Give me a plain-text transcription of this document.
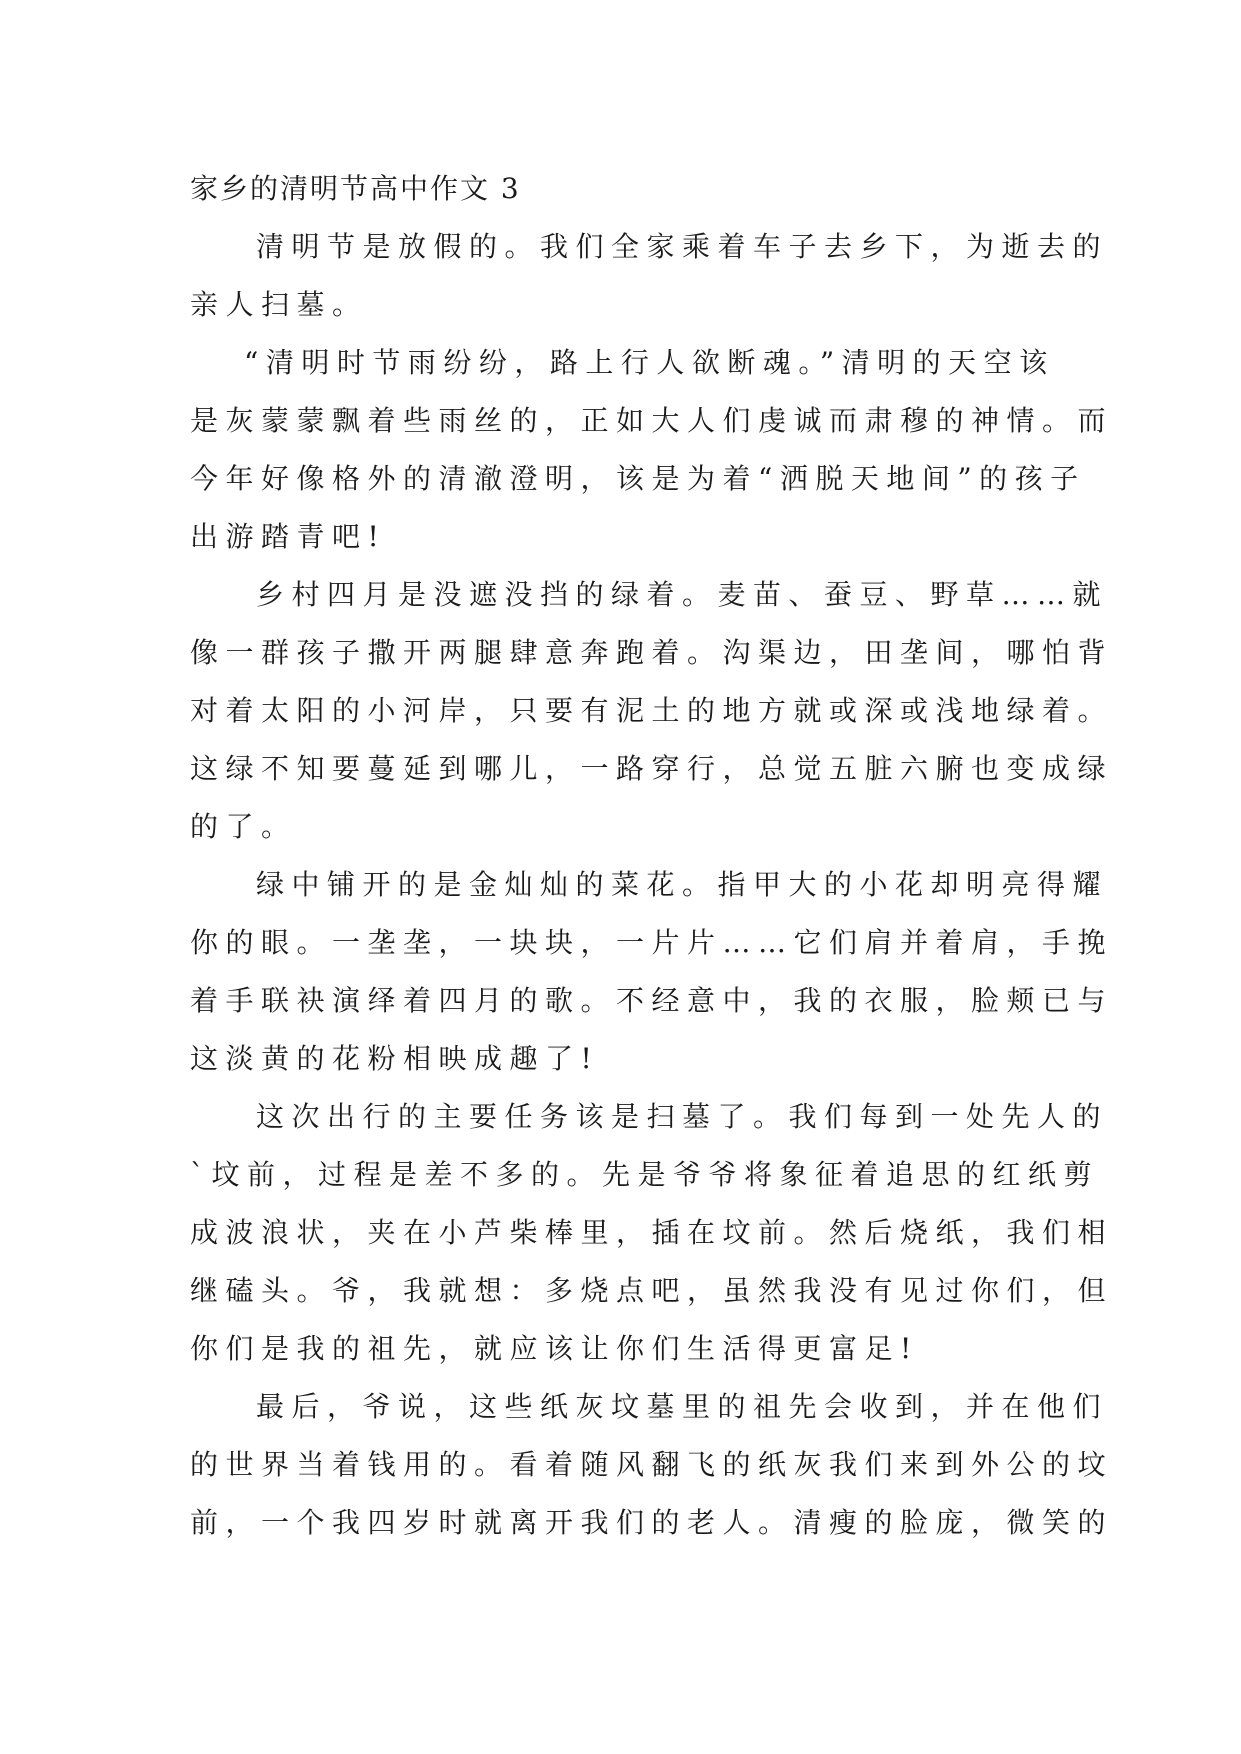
家乡的清明节高中作文 3
清明节是放假的。我们全家乘着车子去乡下，为逝去的
亲人扫墓。
“清明时节雨纷纷，路上行人欲断魂。”清明的天空该
是灰蒙蒙飘着些雨丝的，正如大人们虔诚而肃穆的神情。而
今年好像格外的清澈澄明，该是为着“洒脱天地间”的孩子
出游踏青吧!
乡村四月是没遮没挡的绿着。麦苗、蚕豆、野草……就
像一群孩子撒开两腿肆意奔跑着。沟渠边，田垄间，哪怕背
对着太阳的小河岸，只要有泥土的地方就或深或浅地绿着。
这绿不知要蔓延到哪儿，一路穿行，总觉五脏六腑也变成绿
的了。
绿中铺开的是金灿灿的菜花。指甲大的小花却明亮得耀
你的眼。一垄垄，一块块，一片片……它们肩并着肩，手挽
着手联袂演绎着四月的歌。不经意中，我的衣服，脸颊已与
这淡黄的花粉相映成趣了!
这次出行的主要任务该是扫墓了。我们每到一处先人的
`坟前，过程是差不多的。先是爷爷将象征着追思的红纸剪
成波浪状，夹在小芦柴棒里，插在坟前。然后烧纸，我们相
继磕头。爷，我就想：多烧点吧，虽然我没有见过你们，但
你们是我的祖先，就应该让你们生活得更富足!
最后，爷说，这些纸灰坟墓里的祖先会收到，并在他们
的世界当着钱用的。看着随风翻飞的纸灰我们来到外公的坟
前，一个我四岁时就离开我们的老人。清瘦的脸庞，微笑的
